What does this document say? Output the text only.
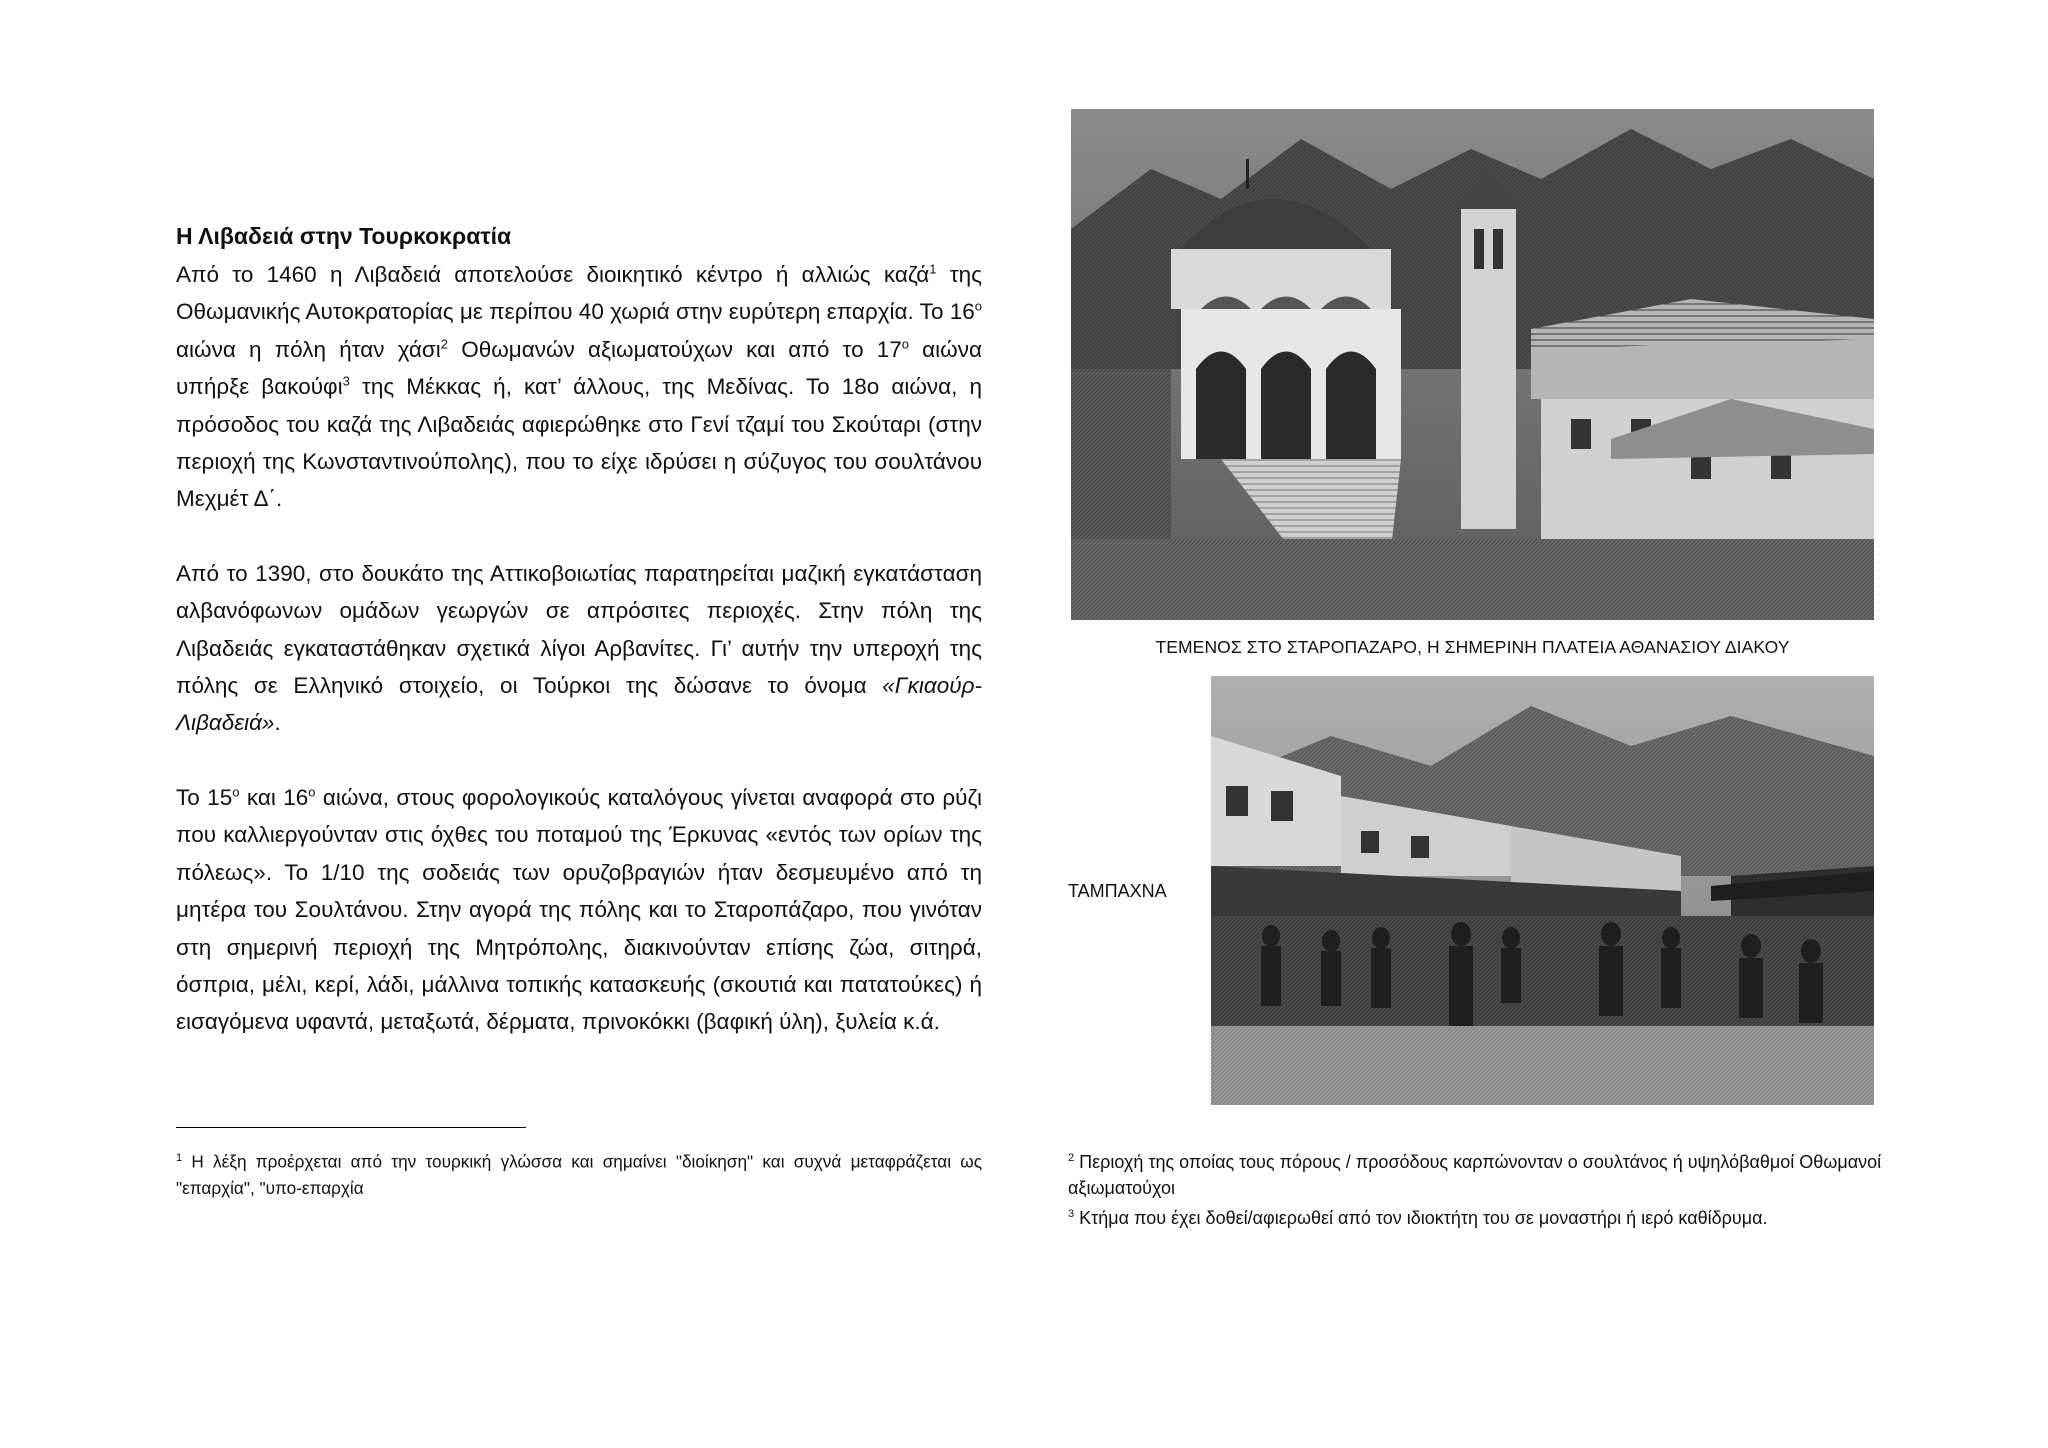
Η Λιβαδειά στην Τουρκοκρατία

Από το 1460 η Λιβαδειά αποτελούσε διοικητικό κέντρο ή αλλιώς καζά$^1$ της Οθωμανικής Αυτοκρατορίας με περίπου 40 χωριά στην ευρύτερη επαρχία. Το $16^o$ αιώνα η πόλη ήταν χάσι$^2$ Οθωμανών αξιωματούχων και από το $17^o$ αιώνα υπήρξε βακούφι$^3$ της Μέκκας ή, κατ’ άλλους, της Μεδίνας. Το 18ο αιώνα, η πρόσοδος του καζά της Λιβαδειάς αφιερώθηκε στο Γενί τζαμί του Σκούταρι (στην περιοχή της Κωνσταντινούπολης), που το είχε ιδρύσει η σύζυγος του σουλτάνου Μεχμέτ Δ΄.

Από το 1390, στο δουκάτο της Αττικοβοιωτίας παρατηρείται μαζική εγκατάσταση αλβανόφωνων ομάδων γεωργών σε απρόσιτες περιοχές. Στην πόλη της Λιβαδειάς εγκαταστάθηκαν σχετικά λίγοι Αρβανίτες. Γι’ αυτήν την υπεροχή της πόλης σε Ελληνικό στοιχείο, οι Τούρκοι της δώσανε το όνομα «Γκιαούρ-Λιβαδειά».

Το $15^o$ και $16^o$ αιώνα, στους φορολογικούς καταλόγους γίνεται αναφορά στο ρύζι που καλλιεργούνταν στις όχθες του ποταμού της Έρκυνας «εντός των ορίων της πόλεως». Το 1/10 της σοδειάς των ορυζοβραγιών ήταν δεσμευμένο από τη μητέρα του Σουλτάνου. Στην αγορά της πόλης και το Σταροπάζαρο, που γινόταν στη σημερινή περιοχή της Μητρόπολης, διακινούνταν επίσης ζώα, σιτηρά, όσπρια, μέλι, κερί, λάδι, μάλλινα τοπικής κατασκευής (σκουτιά και πατατούκες) ή εισαγόμενα υφαντά, μεταξωτά, δέρματα, πρινοκόκκι (βαφική ύλη), ξυλεία κ.ά.

$^1$ Η λέξη προέρχεται από την τουρκική γλώσσα και σημαίνει "διοίκηση" και συχνά μεταφράζεται ως "επαρχία", "υπο-επαρχία
ΤΕΜΕΝΟΣ ΣΤΟ ΣΤΑΡΟΠΑΖΑΡΟ, Η ΣΗΜΕΡΙΝΗ ΠΛΑΤΕΙΑ ΑΘΑΝΑΣΙΟΥ ΔΙΑΚΟΥ
ΤΑΜΠΑΧΝΑ

$^2$ Περιοχή της οποίας τους πόρους / προσόδους καρπώνονταν ο σουλτάνος ή υψηλόβαθμοί Οθωμανοί αξιωματούχοι

$^3$ Κτήμα που έχει δοθεί/αφιερωθεί από τον ιδιοκτήτη του σε μοναστήρι ή ιερό καθίδρυμα.
